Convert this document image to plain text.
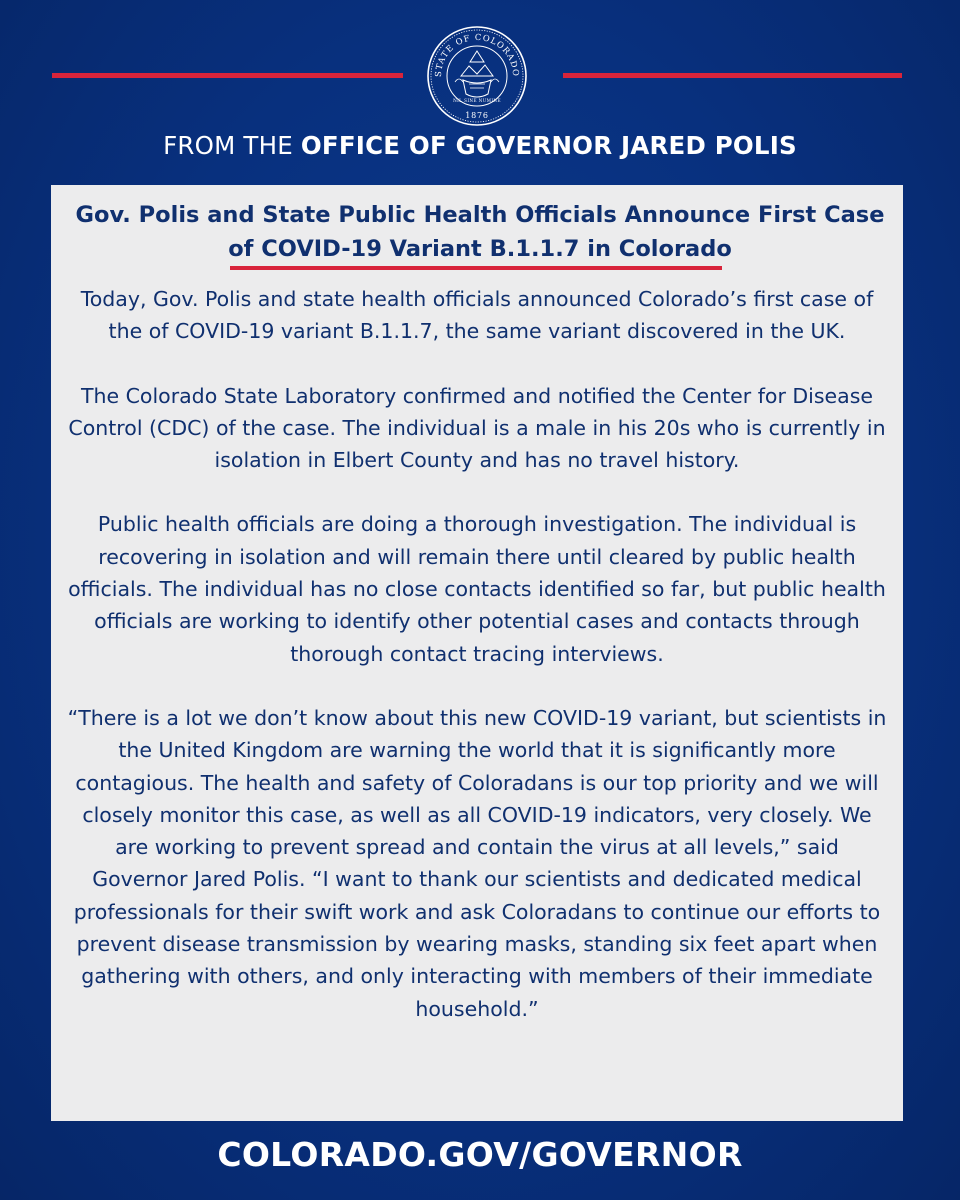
STATE OF COLORADO
NIL SINE NUMINE
1876
FROM THE OFFICE OF GOVERNOR JARED POLIS
Gov. Polis and State Public Health Officials Announce First Case
of COVID-19 Variant B.1.1.7 in Colorado

Today, Gov. Polis and state health officials announced Colorado’s first case of the of COVID-19 variant B.1.1.7, the same variant discovered in the UK.

The Colorado State Laboratory confirmed and notified the Center for Disease Control (CDC) of the case. The individual is a male in his 20s who is currently in isolation in Elbert County and has no travel history.

Public health officials are doing a thorough investigation. The individual is recovering in isolation and will remain there until cleared by public health officials. The individual has no close contacts identified so far, but public health officials are working to identify other potential cases and contacts through thorough contact tracing interviews.

“There is a lot we don’t know about this new COVID-19 variant, but scientists in the United Kingdom are warning the world that it is significantly more contagious. The health and safety of Coloradans is our top priority and we will closely monitor this case, as well as all COVID-19 indicators, very closely. We are working to prevent spread and contain the virus at all levels,” said Governor Jared Polis. “I want to thank our scientists and dedicated medical professionals for their swift work and ask Coloradans to continue our efforts to prevent disease transmission by wearing masks, standing six feet apart when gathering with others, and only interacting with members of their immediate household.”

COLORADO.GOV/GOVERNOR
